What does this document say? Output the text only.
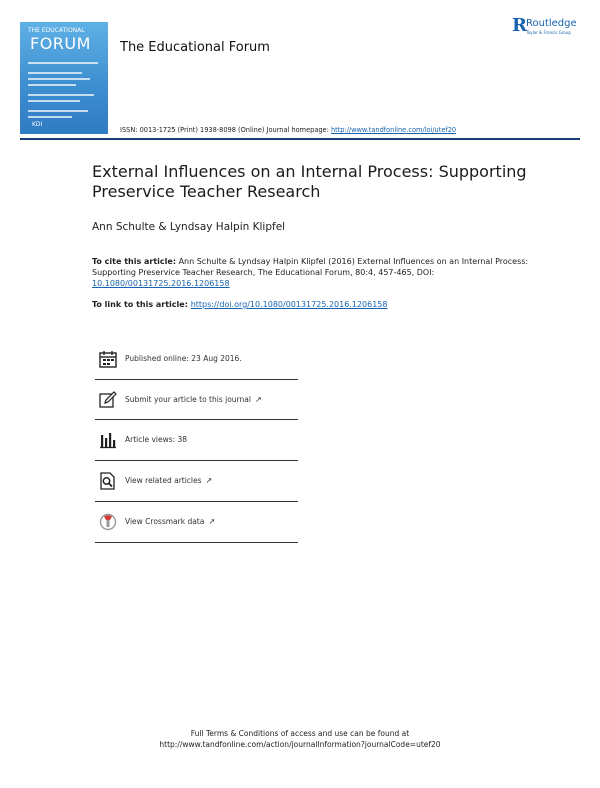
THE EDUCATIONAL
FORUM
KDI
The Educational Forum
R Routledge
Taylor & Francis Group
ISSN: 0013-1725 (Print) 1938-8098 (Online) Journal homepage: http://www.tandfonline.com/loi/utef20
External Influences on an Internal Process: Supporting Preservice Teacher Research
Ann Schulte & Lyndsay Halpin Klipfel
To cite this article: Ann Schulte & Lyndsay Halpin Klipfel (2016) External Influences on an Internal Process: Supporting Preservice Teacher Research, The Educational Forum, 80:4, 457-465, DOI: 10.1080/00131725.2016.1206158
To link to this article: https://doi.org/10.1080/00131725.2016.1206158
Published online: 23 Aug 2016.
Submit your article to this journal ↗
Article views: 38
View related articles ↗
View Crossmark data ↗
Full Terms & Conditions of access and use can be found at
http://www.tandfonline.com/action/journalInformation?journalCode=utef20
